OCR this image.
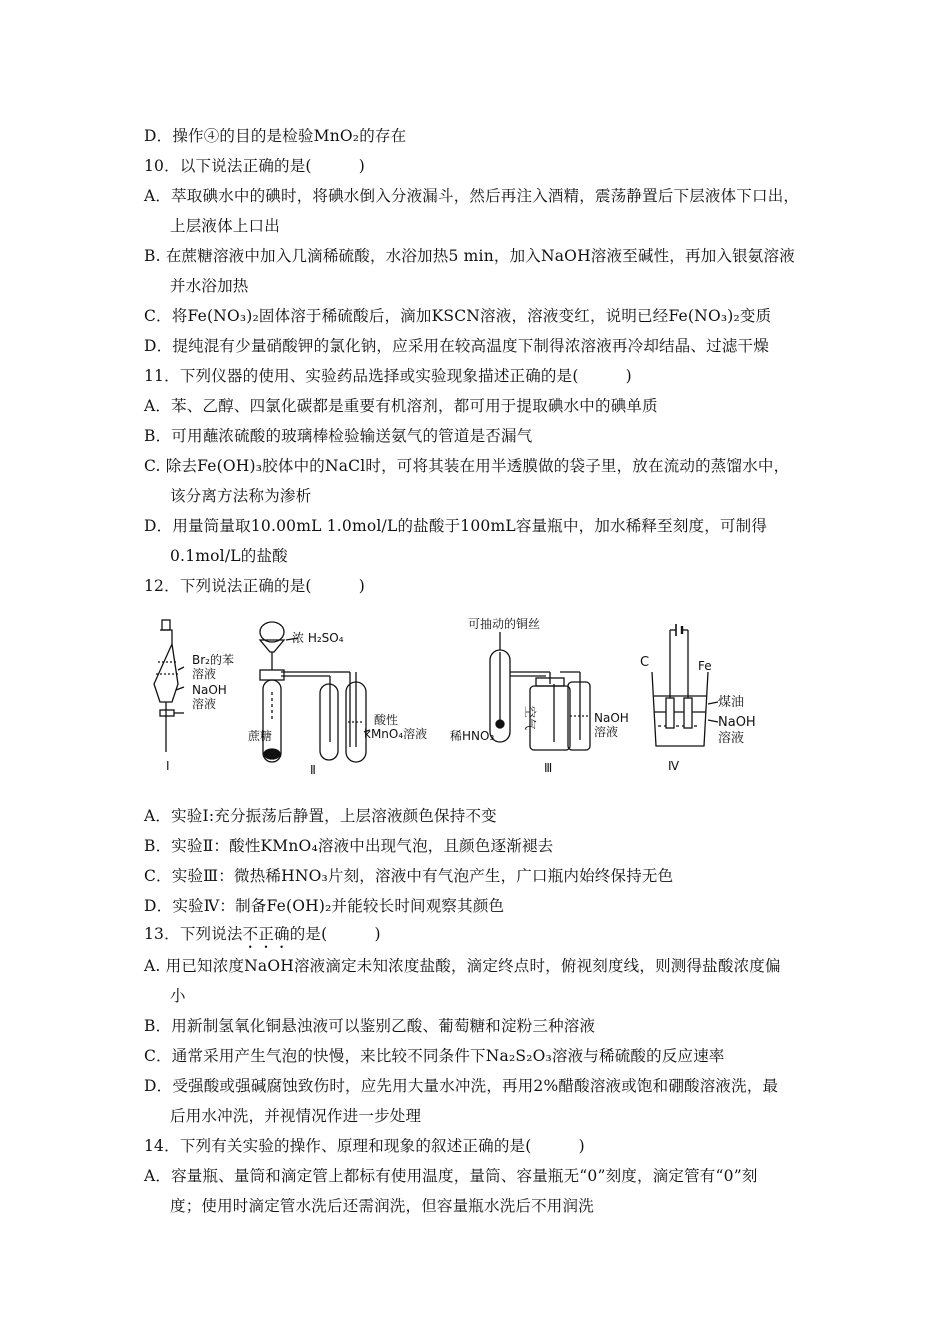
D．操作④的目的是检验MnO₂的存在
10．以下说法正确的是(　　　)
A．萃取碘水中的碘时，将碘水倒入分液漏斗，然后再注入酒精，震荡静置后下层液体下口出，
上层液体上口出
B. 在蔗糖溶液中加入几滴稀硫酸，水浴加热5 min，加入NaOH溶液至碱性，再加入银氨溶液
并水浴加热
C．将Fe(NO₃)₂固体溶于稀硫酸后，滴加KSCN溶液，溶液变红，说明已经Fe(NO₃)₂变质
D．提纯混有少量硝酸钾的氯化钠，应采用在较高温度下制得浓溶液再冷却结晶、过滤干燥
11．下列仪器的使用、实验药品选择或实验现象描述正确的是(　　　)
A．苯、乙醇、四氯化碳都是重要有机溶剂，都可用于提取碘水中的碘单质
B．可用蘸浓硫酸的玻璃棒检验输送氨气的管道是否漏气
C. 除去Fe(OH)₃胶体中的NaCl时，可将其装在用半透膜做的袋子里，放在流动的蒸馏水中，
该分离方法称为渗析
D．用量筒量取10.00mL 1.0mol/L的盐酸于100mL容量瓶中，加水稀释至刻度，可制得
0.1mol/L的盐酸
12．下列说法正确的是(　　　)
Br₂的苯
溶液
NaOH
溶液
Ⅰ
浓 H₂SO₄
蔗糖
酸性
kMnO₄溶液
Ⅱ
可抽动的铜丝
空气
稀HNO₃
NaOH
溶液
Ⅲ
C	Fe
煤油
NaOH
溶液
Ⅳ
A．实验Ⅰ:充分振荡后静置，上层溶液颜色保持不变
B．实验Ⅱ：酸性KMnO₄溶液中出现气泡，且颜色逐渐褪去
C．实验Ⅲ：微热稀HNO₃片刻，溶液中有气泡产生，广口瓶内始终保持无色
D．实验Ⅳ：制备Fe(OH)₂并能较长时间观察其颜色
13．下列说法不正确的是(　　　)
A. 用已知浓度NaOH溶液滴定未知浓度盐酸，滴定终点时，俯视刻度线，则测得盐酸浓度偏
小
B．用新制氢氧化铜悬浊液可以鉴别乙酸、葡萄糖和淀粉三种溶液
C．通常采用产生气泡的快慢，来比较不同条件下Na₂S₂O₃溶液与稀硫酸的反应速率
D．受强酸或强碱腐蚀致伤时，应先用大量水冲洗，再用2%醋酸溶液或饱和硼酸溶液洗，最
后用水冲洗，并视情况作进一步处理
14．下列有关实验的操作、原理和现象的叙述正确的是(　　　)
A．容量瓶、量筒和滴定管上都标有使用温度，量筒、容量瓶无“0”刻度，滴定管有“0”刻
度；使用时滴定管水洗后还需润洗，但容量瓶水洗后不用润洗
